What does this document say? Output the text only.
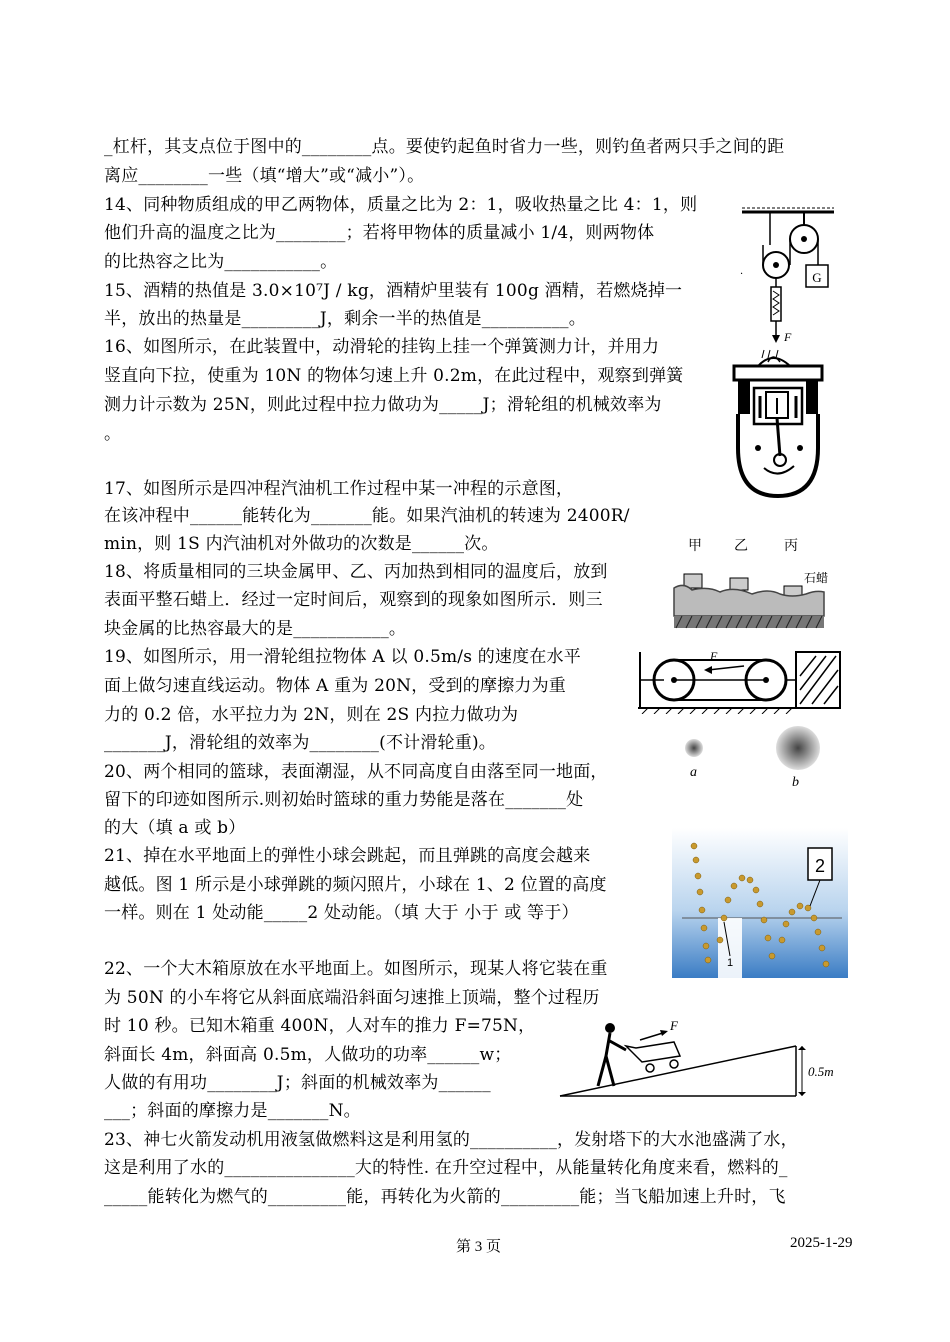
_杠杆，其支点位于图中的________点。要使钓起鱼时省力一些，则钓鱼者两只手之间的距
离应________一些（填“增大”或“减小”）。
14、同种物质组成的甲乙两物体，质量之比为 2：1，吸收热量之比 4：1，则
他们升高的温度之比为________；若将甲物体的质量减小 1/4，则两物体
的比热容之比为___________。
15、酒精的热值是 3.0×10⁷J / kg，酒精炉里装有 100g 酒精，若燃烧掉一
半，放出的热量是_________J，剩余一半的热值是__________。
16、如图所示，在此装置中，动滑轮的挂钩上挂一个弹簧测力计，并用力
竖直向下拉，使重为 10N 的物体匀速上升 0.2m，在此过程中，观察到弹簧
测力计示数为 25N，则此过程中拉力做功为_____J；滑轮组的机械效率为
。
17、如图所示是四冲程汽油机工作过程中某一冲程的示意图，
在该冲程中______能转化为_______能。如果汽油机的转速为 2400R/
min，则 1S 内汽油机对外做功的次数是______次。
18、将质量相同的三块金属甲、乙、丙加热到相同的温度后，放到
表面平整石蜡上．经过一定时间后，观察到的现象如图所示．则三
块金属的比热容最大的是___________。
19、如图所示，用一滑轮组拉物体 A 以 0.5m/s 的速度在水平
面上做匀速直线运动。物体 A 重为 20N，受到的摩擦力为重
力的 0.2 倍，水平拉力为 2N，则在 2S 内拉力做功为
_______J，滑轮组的效率为________(不计滑轮重)。
20、两个相同的篮球，表面潮湿，从不同高度自由落至同一地面，
留下的印迹如图所示.则初始时篮球的重力势能是落在_______处
的大（填 a 或 b）
21、掉在水平地面上的弹性小球会跳起，而且弹跳的高度会越来
越低。图 1 所示是小球弹跳的频闪照片，小球在 1、2 位置的高度
一样。则在 1 处动能_____2 处动能。（填 大于 小于 或 等于）
22、一个大木箱原放在水平地面上。如图所示，现某人将它装在重
为 50N 的小车将它从斜面底端沿斜面匀速推上顶端，整个过程历
时 10 秒。已知木箱重 400N，人对车的推力 F=75N，
斜面长 4m，斜面高 0.5m，人做功的功率______w；
人做的有用功________J；斜面的机械效率为______
___；斜面的摩擦力是_______N。
23、神七火箭发动机用液氢做燃料这是利用氢的__________，发射塔下的大水池盛满了水，
这是利用了水的_______________大的特性. 在升空过程中，从能量转化角度来看，燃料的_
_____能转化为燃气的_________能，再转化为火箭的_________能；当飞船加速上升时，飞
G
F
·
甲 乙	丙
石蜡
F
a
b
2
1
0.5m
F
第 3 页	2025-1-29
